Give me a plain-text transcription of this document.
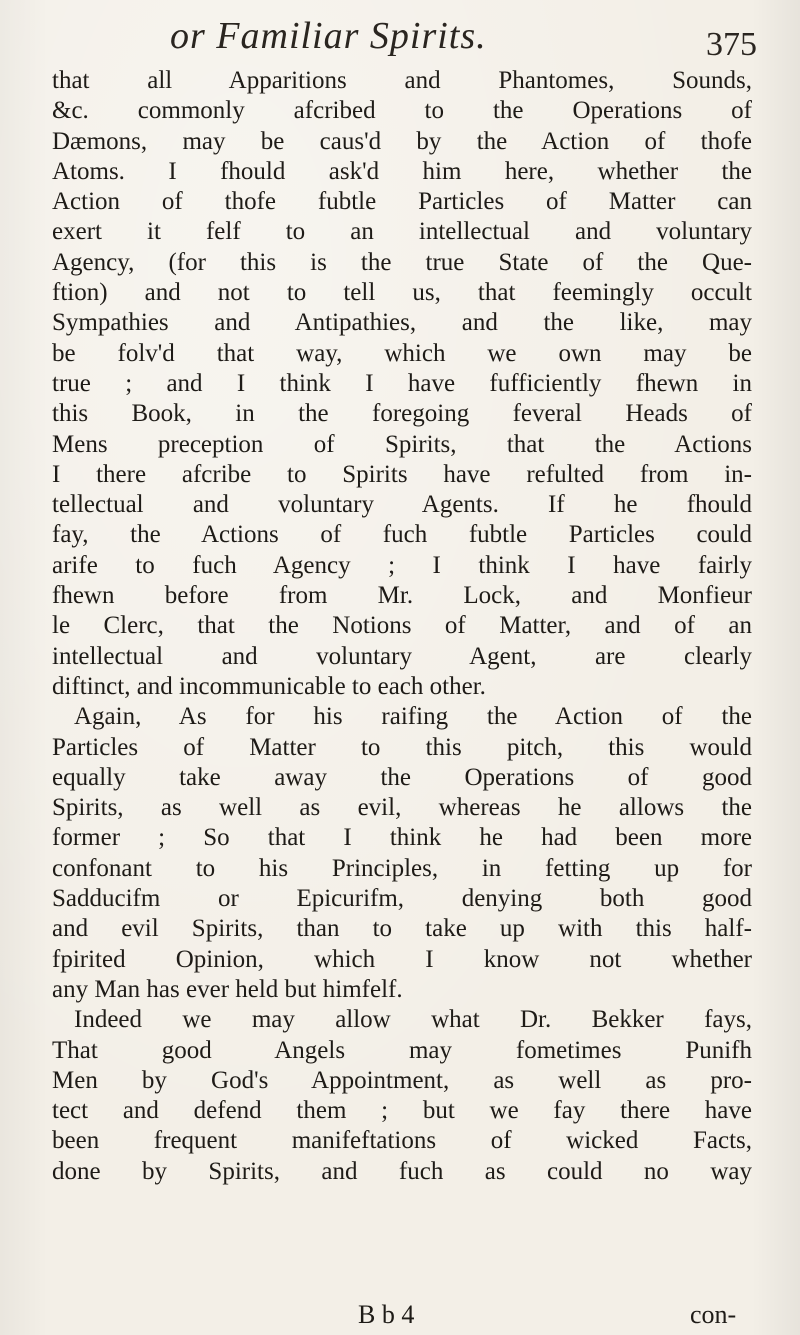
or Familiar Spirits.	375
that all Apparitions and Phantomes, Sounds,
&c. commonly afcribed to the Operations of
Dæmons, may be caus'd by the Action of thofe
Atoms. I fhould ask'd him here, whether the
Action of thofe fubtle Particles of Matter can
exert it felf to an intellectual and voluntary
Agency, (for this is the true State of the Que-
ftion) and not to tell us, that feemingly occult
Sympathies and Antipathies, and the like, may
be folv'd that way, which we own may be
true ; and I think I have fufficiently fhewn in
this Book, in the foregoing feveral Heads of
Mens preception of Spirits, that the Actions
I there afcribe to Spirits have refulted from in-
tellectual and voluntary Agents. If he fhould
fay, the Actions of fuch fubtle Particles could
arife to fuch Agency ; I think I have fairly
fhewn before from Mr. Lock, and Monfieur
le Clerc, that the Notions of Matter, and of an
intellectual and voluntary Agent, are clearly
diftinct, and incommunicable to each other.
Again, As for his raifing the Action of the
Particles of Matter to this pitch, this would
equally take away the Operations of good
Spirits, as well as evil, whereas he allows the
former ; So that I think he had been more
confonant to his Principles, in fetting up for
Sadducifm or Epicurifm, denying both good
and evil Spirits, than to take up with this half-
fpirited Opinion, which I know not whether
any Man has ever held but himfelf.
Indeed we may allow what Dr. Bekker fays,
That good Angels may fometimes Punifh
Men by God's Appointment, as well as pro-
tect and defend them ; but we fay there have
been frequent manifeftations of wicked Facts,
done by Spirits, and fuch as could no way
B b 4	con-
